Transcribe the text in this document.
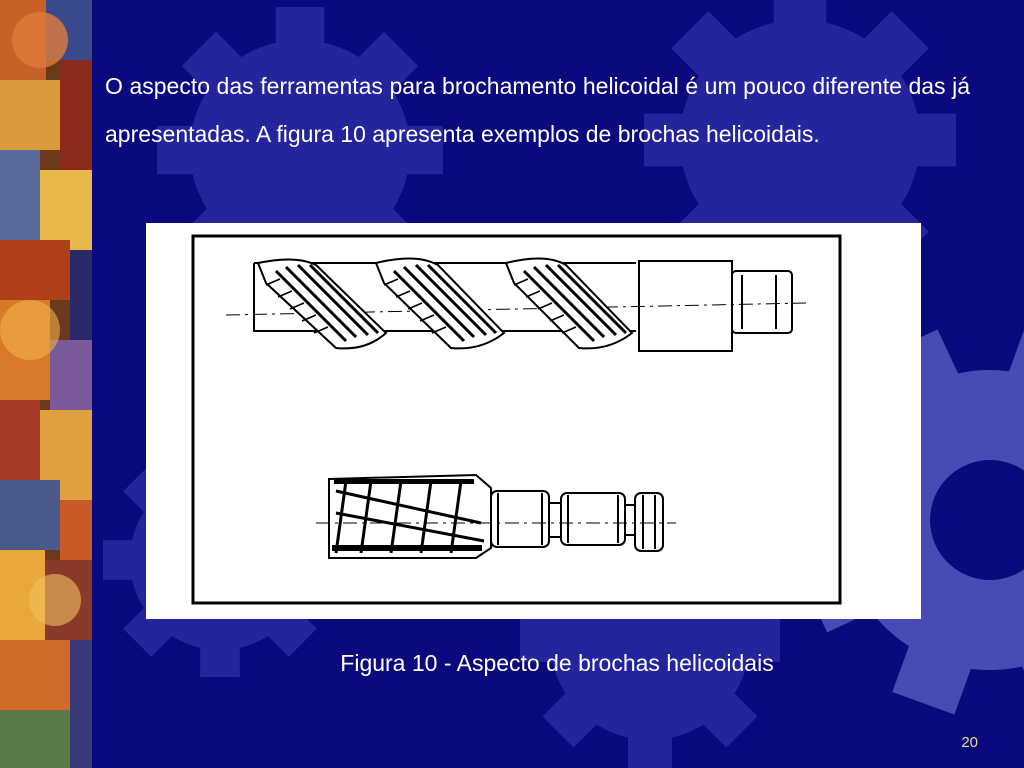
O aspecto das ferramentas para brochamento helicoidal é um pouco diferente das já apresentadas. A figura 10 apresenta exemplos de brochas helicoidais.

Figura 10 - Aspecto de brochas helicoidais

20
